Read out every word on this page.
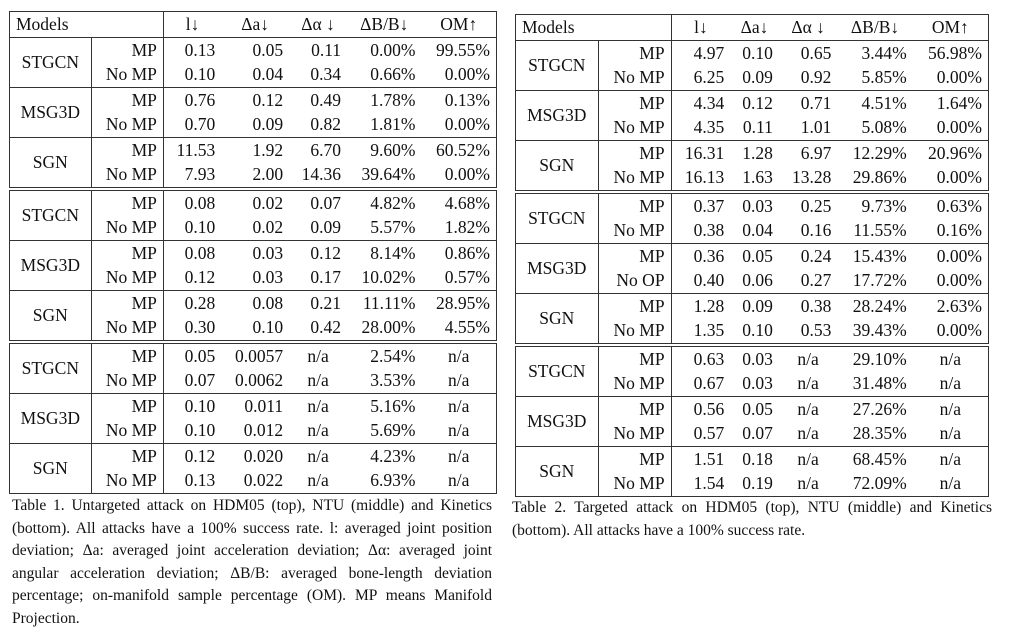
Models		l↓	Δa↓	Δα ↓	ΔB/B↓	OM↑
STGCN	MP	0.13	0.05	0.11	0.00%	99.55%
	No MP	0.10	0.04	0.34	0.66%	0.00%
MSG3D	MP	0.76	0.12	0.49	1.78%	0.13%
	No MP	0.70	0.09	0.82	1.81%	0.00%
SGN	MP	11.53	1.92	6.70	9.60%	60.52%
	No MP	7.93	2.00	14.36	39.64%	0.00%
STGCN	MP	0.08	0.02	0.07	4.82%	4.68%
	No MP	0.10	0.02	0.09	5.57%	1.82%
MSG3D	MP	0.08	0.03	0.12	8.14%	0.86%
	No MP	0.12	0.03	0.17	10.02%	0.57%
SGN	MP	0.28	0.08	0.21	11.11%	28.95%
	No MP	0.30	0.10	0.42	28.00%	4.55%
STGCN	MP	0.05	0.0057	n/a	2.54%	n/a
	No MP	0.07	0.0062	n/a	3.53%	n/a
MSG3D	MP	0.10	0.011	n/a	5.16%	n/a
	No MP	0.10	0.012	n/a	5.69%	n/a
SGN	MP	0.12	0.020	n/a	4.23%	n/a
	No MP	0.13	0.022	n/a	6.93%	n/a
Table 1. Untargeted attack on HDM05 (top), NTU (middle) and Kinetics (bottom). All attacks have a 100% success rate. l: averaged joint position deviation; Δa: averaged joint acceleration deviation; Δα: averaged joint angular acceleration deviation; ΔB/B: averaged bone-length deviation percentage; on-manifold sample percentage (OM). MP means Manifold Projection.
Models		l↓	Δa↓	Δα ↓	ΔB/B↓	OM↑
STGCN	MP	4.97	0.10	0.65	3.44%	56.98%
	No MP	6.25	0.09	0.92	5.85%	0.00%
MSG3D	MP	4.34	0.12	0.71	4.51%	1.64%
	No MP	4.35	0.11	1.01	5.08%	0.00%
SGN	MP	16.31	1.28	6.97	12.29%	20.96%
	No MP	16.13	1.63	13.28	29.86%	0.00%
STGCN	MP	0.37	0.03	0.25	9.73%	0.63%
	No MP	0.38	0.04	0.16	11.55%	0.16%
MSG3D	MP	0.36	0.05	0.24	15.43%	0.00%
	No OP	0.40	0.06	0.27	17.72%	0.00%
SGN	MP	1.28	0.09	0.38	28.24%	2.63%
	No MP	1.35	0.10	0.53	39.43%	0.00%
STGCN	MP	0.63	0.03	n/a	29.10%	n/a
	No MP	0.67	0.03	n/a	31.48%	n/a
MSG3D	MP	0.56	0.05	n/a	27.26%	n/a
	No MP	0.57	0.07	n/a	28.35%	n/a
SGN	MP	1.51	0.18	n/a	68.45%	n/a
	No MP	1.54	0.19	n/a	72.09%	n/a
Table 2. Targeted attack on HDM05 (top), NTU (middle) and Kinetics (bottom). All attacks have a 100% success rate.
